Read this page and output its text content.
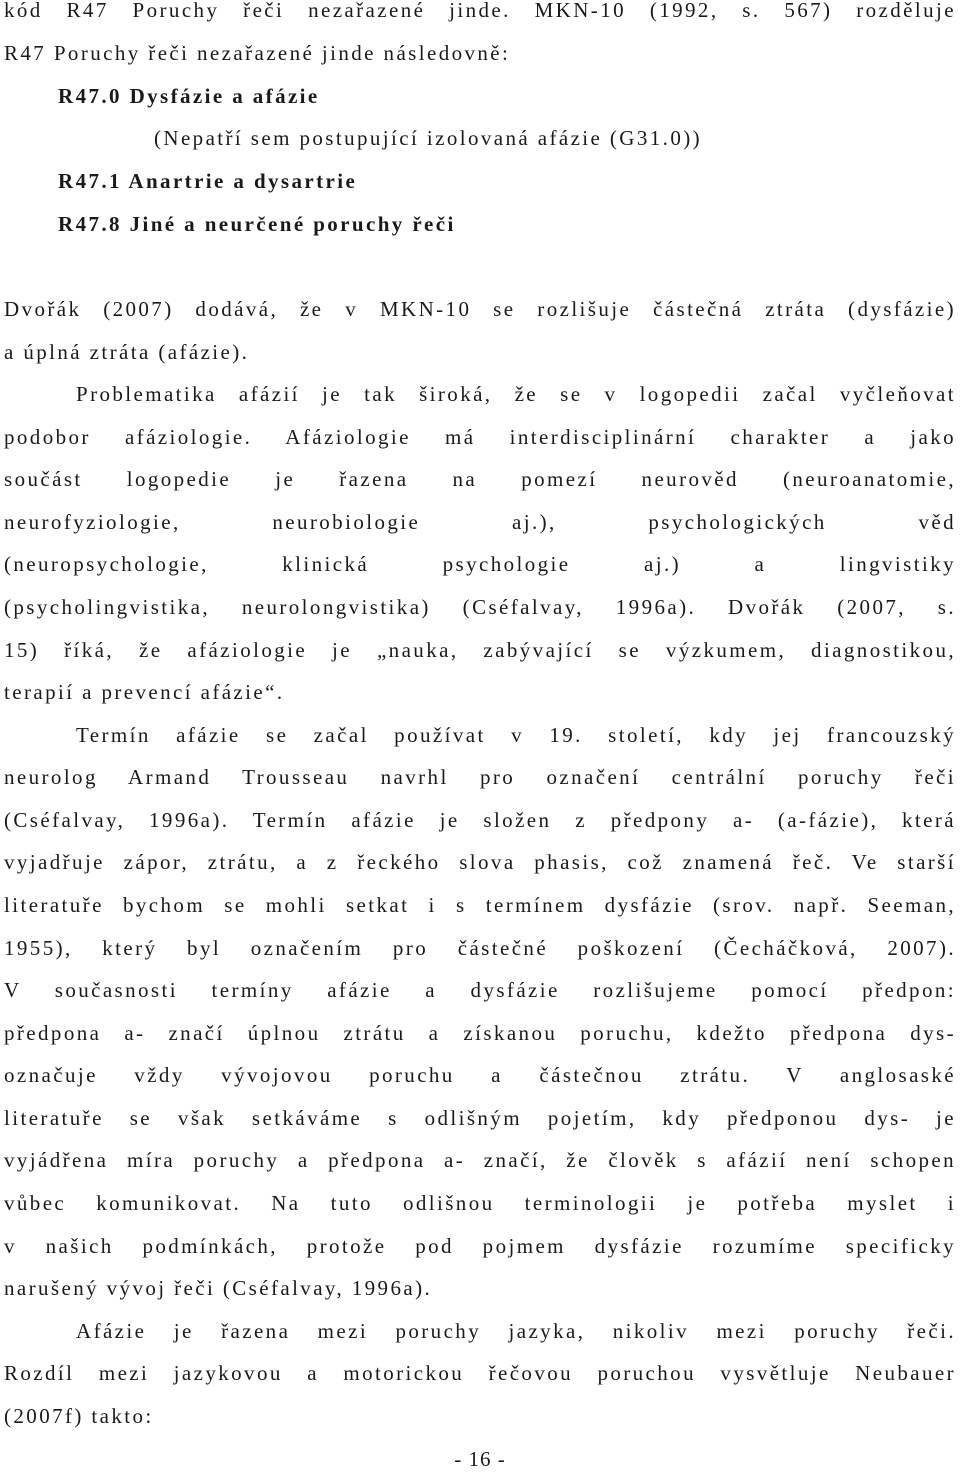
kód R47 Poruchy řeči nezařazené jinde. MKN-10 (1992, s. 567) rozděluje
R47 Poruchy řeči nezařazené jinde následovně:
R47.0 Dysfázie a afázie
(Nepatří sem postupující izolovaná afázie (G31.0))
R47.1 Anartrie a dysartrie
R47.8 Jiné a neurčené poruchy řeči
Dvořák (2007) dodává, že v MKN-10 se rozlišuje částečná ztráta (dysfázie)
a úplná ztráta (afázie).
Problematika afázií je tak široká, že se v logopedii začal vyčleňovat
podobor afáziologie. Afáziologie má interdisciplinární charakter a jako
součást logopedie je řazena na pomezí neurověd (neuroanatomie,
neurofyziologie, neurobiologie aj.), psychologických věd
(neuropsychologie, klinická psychologie aj.) a lingvistiky
(psycholingvistika, neurolongvistika) (Cséfalvay, 1996a). Dvořák (2007, s.
15) říká, že afáziologie je „nauka, zabývající se výzkumem, diagnostikou,
terapií a prevencí afázie“.
Termín afázie se začal používat v 19. století, kdy jej francouzský
neurolog Armand Trousseau navrhl pro označení centrální poruchy řeči
(Cséfalvay, 1996a). Termín afázie je složen z předpony a- (a-fázie), která
vyjadřuje zápor, ztrátu, a z řeckého slova phasis, což znamená řeč. Ve starší
literatuře bychom se mohli setkat i s termínem dysfázie (srov. např. Seeman,
1955), který byl označením pro částečné poškození (Čecháčková, 2007).
V současnosti termíny afázie a dysfázie rozlišujeme pomocí předpon:
předpona a- značí úplnou ztrátu a získanou poruchu, kdežto předpona dys-
označuje vždy vývojovou poruchu a částečnou ztrátu. V anglosaské
literatuře se však setkáváme s odlišným pojetím, kdy předponou dys- je
vyjádřena míra poruchy a předpona a- značí, že člověk s afázií není schopen
vůbec komunikovat. Na tuto odlišnou terminologii je potřeba myslet i
v našich podmínkách, protože pod pojmem dysfázie rozumíme specificky
narušený vývoj řeči (Cséfalvay, 1996a).
Afázie je řazena mezi poruchy jazyka, nikoliv mezi poruchy řeči.
Rozdíl mezi jazykovou a motorickou řečovou poruchou vysvětluje Neubauer
(2007f) takto:
- 16 -
